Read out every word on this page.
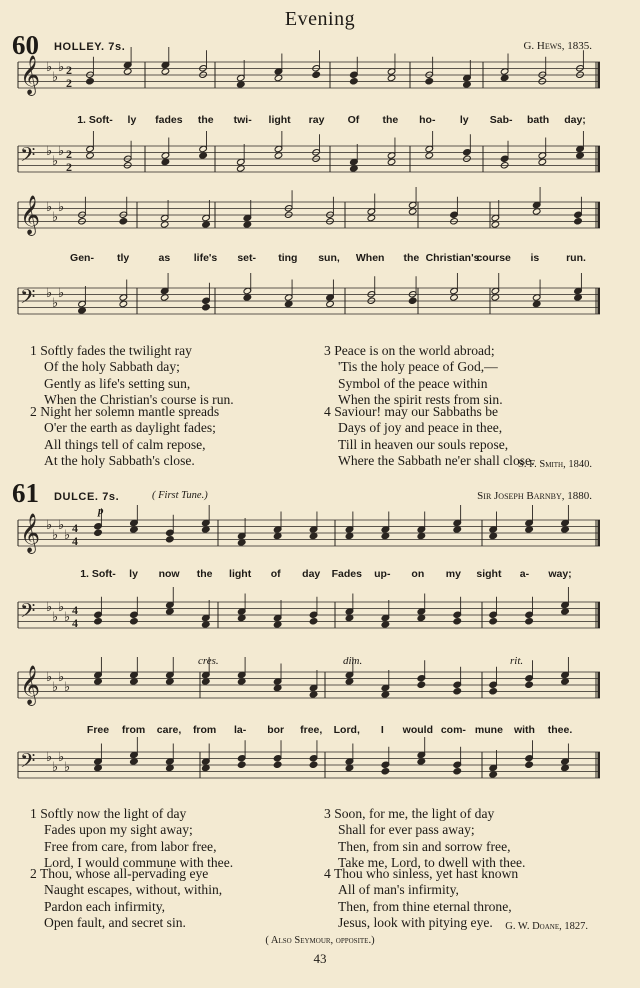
Evening
60 HOLLEY. 7s.	G. Hews, 1835.
𝄞 ♭
♭
♭ 2
2
𝄢 ♭
♭
♭ 2
2
𝄞 ♭
♭
♭
𝄢 ♭
♭
♭
𝄞 ♭
♭
♭
♭ 4
4
𝄢 ♭
♭
♭
♭ 4
4
𝄞 ♭
♭
♭
♭
𝄢 ♭
♭
♭
♭
1. Soft- ly fades the twi- light ray Of the ho- ly Sab- bath day;
Gen- tly	as life's set- ting sun, When the Christian's
course is	run.
1 Softly fades the twilight ray
Of the holy Sabbath day;
Gently as life's setting sun,
When the Christian's course is run.
2 Night her solemn mantle spreads
O'er the earth as daylight fades;
All things tell of calm repose,
At the holy Sabbath's close.
3 Peace is on the world abroad;
'Tis the holy peace of God,—
Symbol of the peace within
When the spirit rests from sin.
4 Saviour! may our Sabbaths be
Days of joy and peace in thee,
Till in heaven our souls repose,
Where the Sabbath ne'er shall close.
S. F. Smith, 1840.
61 DULCE. 7s.	( First Tune.)	Sir Joseph Barnby, 1880.
p
cres.	dim.	rit.
1. Soft- ly now the light of day Fades up- on my sight a- way;
Free from care, from la- bor free, Lord, I would com- mune with thee.
1 Softly now the light of day
Fades upon my sight away;
Free from care, from labor free,
Lord, I would commune with thee.
2 Thou, whose all-pervading eye
Naught escapes, without, within,
Pardon each infirmity,
Open fault, and secret sin.
3 Soon, for me, the light of day
Shall for ever pass away;
Then, from sin and sorrow free,
Take me, Lord, to dwell with thee.
4 Thou who sinless, yet hast known
All of man's infirmity,
Then, from thine eternal throne,
Jesus, look with pitying eye.	G. W. Doane, 1827.
( Also Seymour, opposite.)
43
